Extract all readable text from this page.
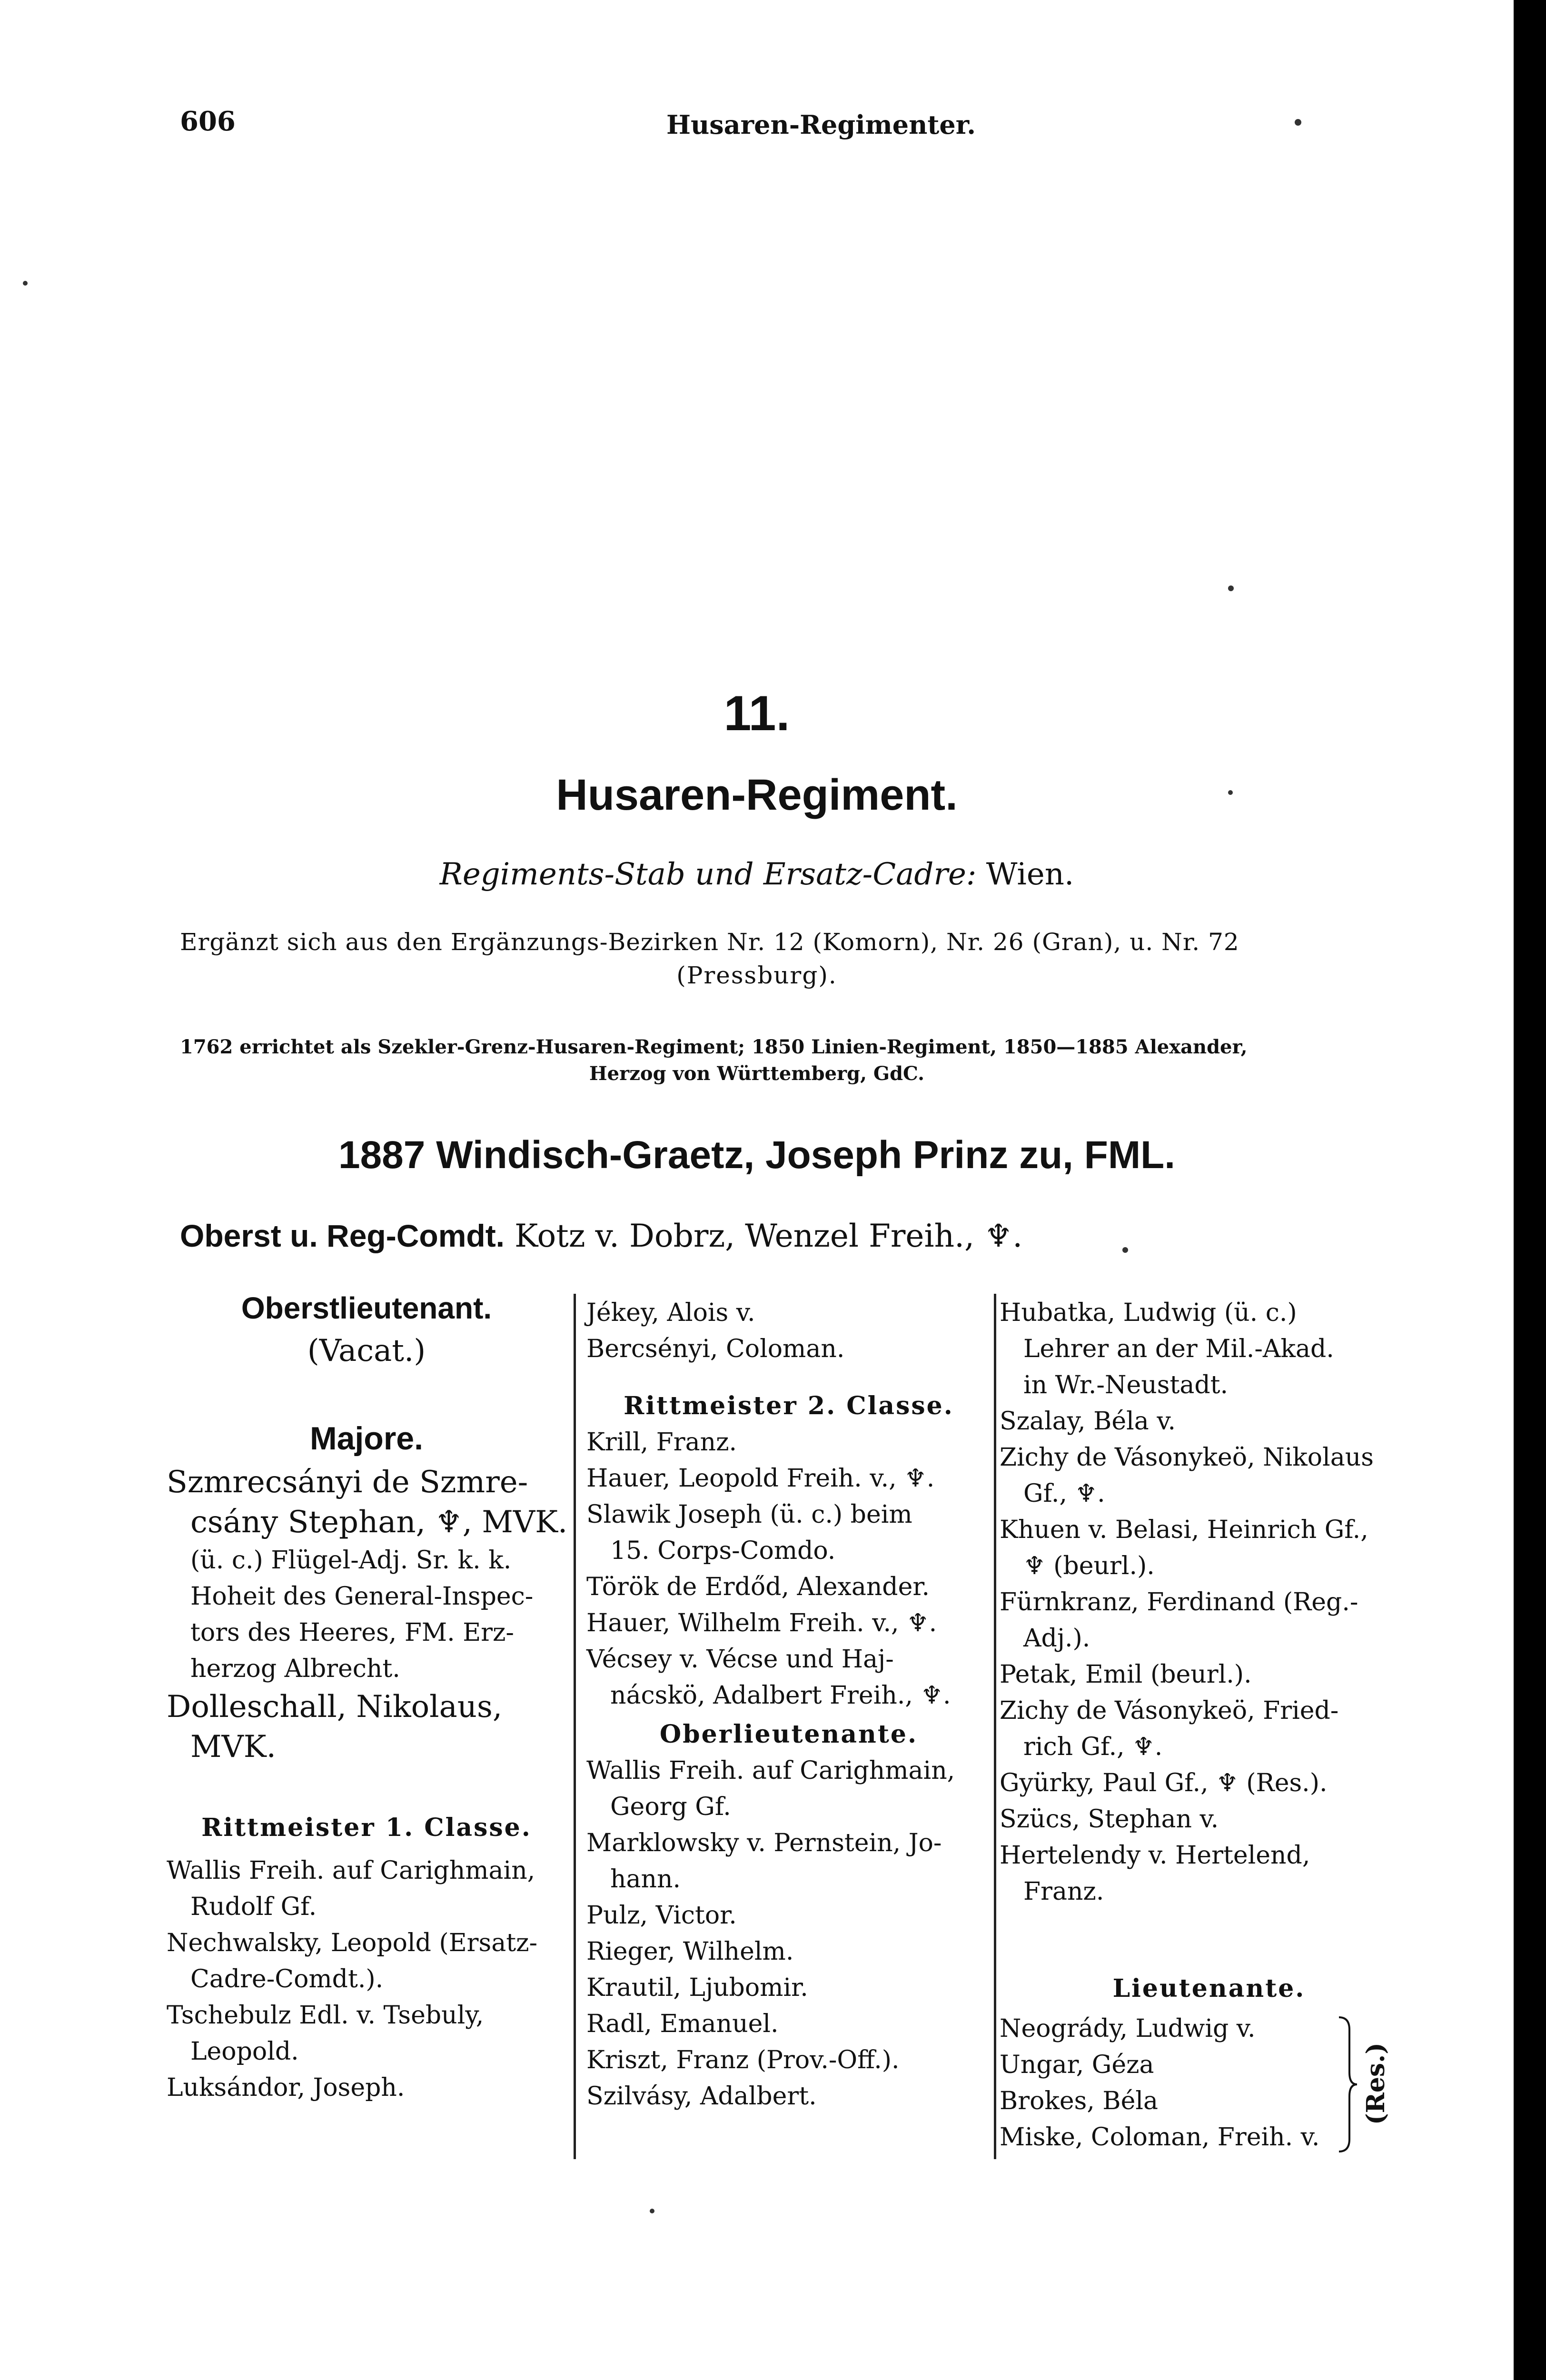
606	Husaren-Regimenter.
11.
Husaren-Regiment.
Regiments-Stab und Ersatz-Cadre: Wien.
Ergänzt sich aus den Ergänzungs-Bezirken Nr. 12 (Komorn), Nr. 26 (Gran), u. Nr. 72
(Pressburg).
1762 errichtet als Szekler-Grenz-Husaren-Regiment; 1850 Linien-Regiment, 1850—1885 Alexander,
Herzog von Württemberg, GdC.
1887 Windisch-Graetz, Joseph Prinz zu, FML.
Oberst u. Reg-Comdt. Kotz v. Dobrz, Wenzel Freih., ♆.
Oberstlieutenant.
(Vacat.)
Majore.
Szmrecsányi de Szmre-
csány Stephan, ♆, MVK.
(ü. c.) Flügel-Adj. Sr. k. k.
Hoheit des General-Inspec-
tors des Heeres, FM. Erz-
herzog Albrecht.
Dolleschall, Nikolaus,
MVK.
Rittmeister 1. Classe.
Wallis Freih. auf Carighmain,
Rudolf Gf.
Nechwalsky, Leopold (Ersatz-
Cadre-Comdt.).
Tschebulz Edl. v. Tsebuly,
Leopold.
Luksándor, Joseph.
Jékey, Alois v.
Bercsényi, Coloman.
Rittmeister 2. Classe.
Krill, Franz.
Hauer, Leopold Freih. v., ♆.
Slawik Joseph (ü. c.) beim
15. Corps-Comdo.
Török de Erdőd, Alexander.
Hauer, Wilhelm Freih. v., ♆.
Vécsey v. Vécse und Haj-
nácskö, Adalbert Freih., ♆.
Oberlieutenante.
Wallis Freih. auf Carighmain,
Georg Gf.
Marklowsky v. Pernstein, Jo-
hann.
Pulz, Victor.
Rieger, Wilhelm.
Krautil, Ljubomir.
Radl, Emanuel.
Kriszt, Franz (Prov.-Off.).
Szilvásy, Adalbert.
Hubatka, Ludwig (ü. c.)
Lehrer an der Mil.-Akad.
in Wr.-Neustadt.
Szalay, Béla v.
Zichy de Vásonykeö, Nikolaus
Gf., ♆.
Khuen v. Belasi, Heinrich Gf.,
♆ (beurl.).
Fürnkranz, Ferdinand (Reg.-
Adj.).
Petak, Emil (beurl.).
Zichy de Vásonykeö, Fried-
rich Gf., ♆.
Gyürky, Paul Gf., ♆ (Res.).
Szücs, Stephan v.
Hertelendy v. Hertelend,
Franz.
Lieutenante.
Neogrády, Ludwig v.
Ungar, Géza
Brokes, Béla
Miske, Coloman, Freih. v.
(Res.)
